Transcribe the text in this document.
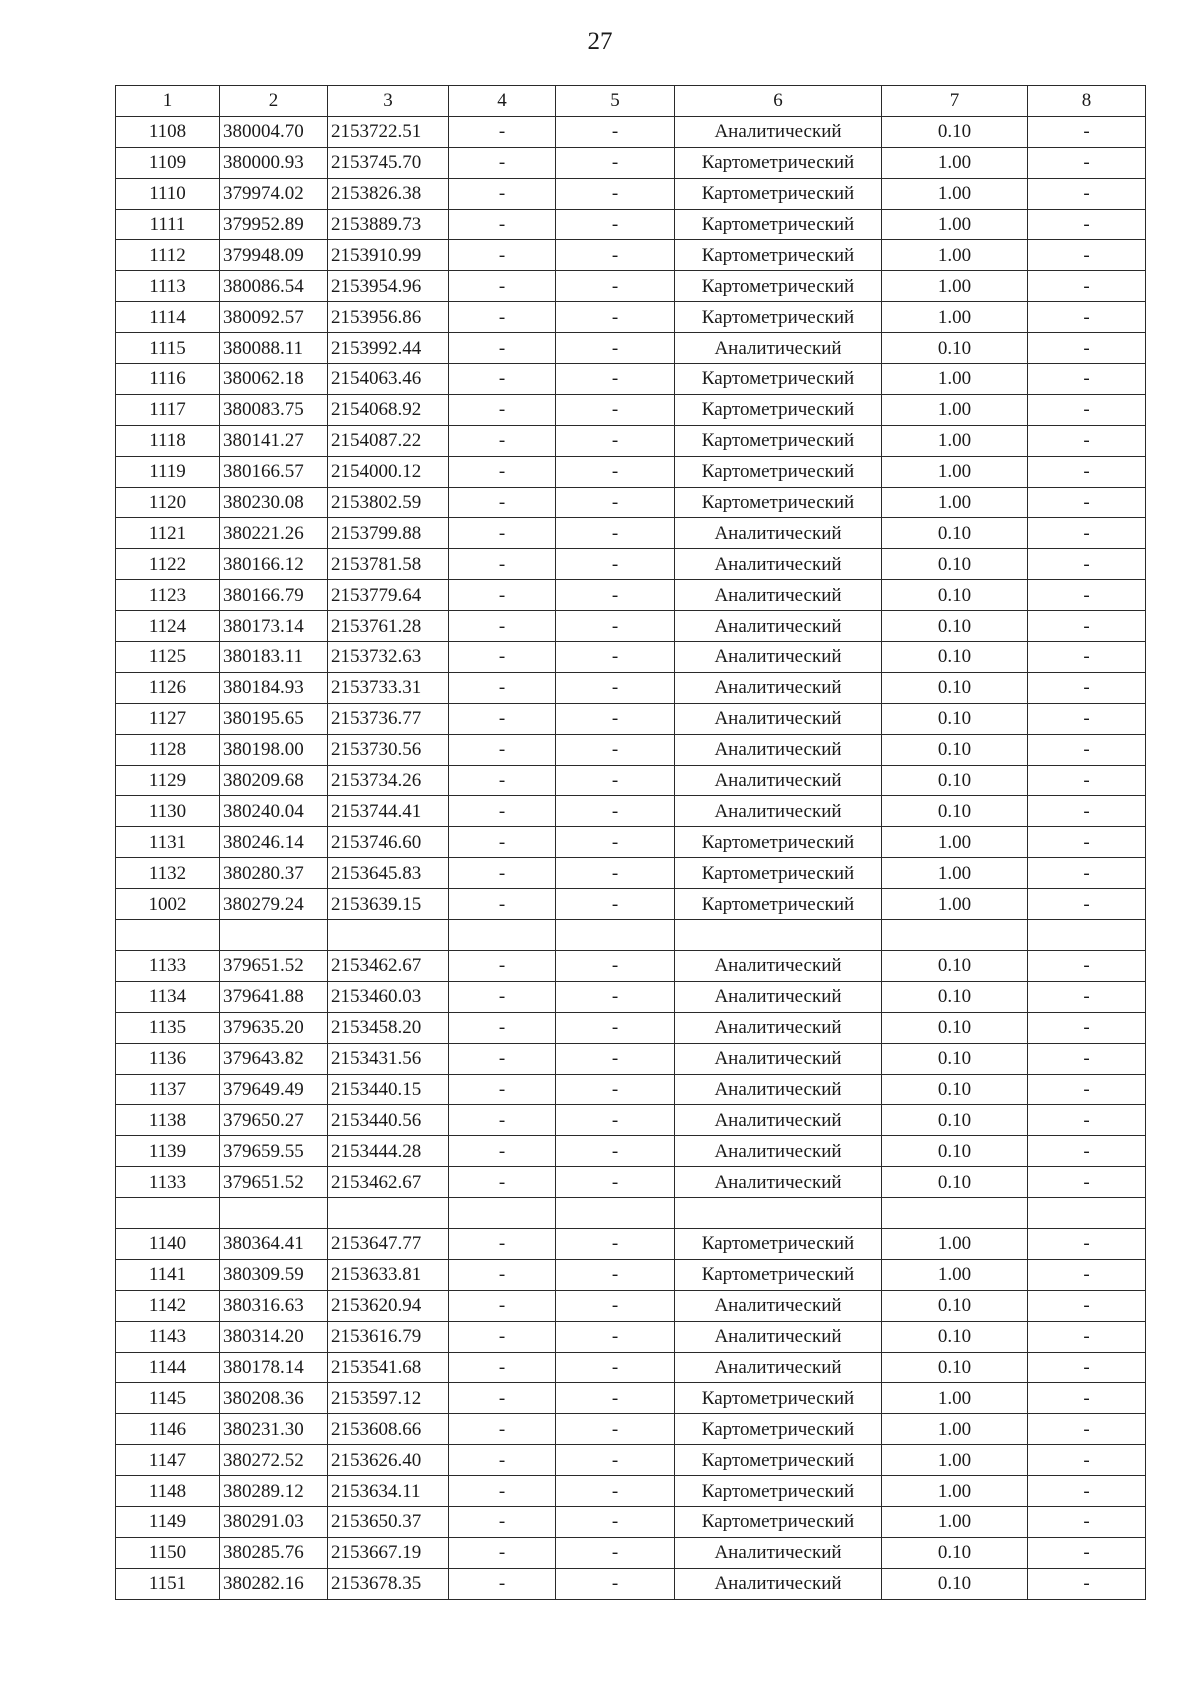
27
1	2	3	4	5	6	7	8
1108	380004.70	2153722.51	-	-	Аналитический	0.10	-
1109	380000.93	2153745.70	-	-	Картометрический	1.00	-
1110	379974.02	2153826.38	-	-	Картометрический	1.00	-
1111	379952.89	2153889.73	-	-	Картометрический	1.00	-
1112	379948.09	2153910.99	-	-	Картометрический	1.00	-
1113	380086.54	2153954.96	-	-	Картометрический	1.00	-
1114	380092.57	2153956.86	-	-	Картометрический	1.00	-
1115	380088.11	2153992.44	-	-	Аналитический	0.10	-
1116	380062.18	2154063.46	-	-	Картометрический	1.00	-
1117	380083.75	2154068.92	-	-	Картометрический	1.00	-
1118	380141.27	2154087.22	-	-	Картометрический	1.00	-
1119	380166.57	2154000.12	-	-	Картометрический	1.00	-
1120	380230.08	2153802.59	-	-	Картометрический	1.00	-
1121	380221.26	2153799.88	-	-	Аналитический	0.10	-
1122	380166.12	2153781.58	-	-	Аналитический	0.10	-
1123	380166.79	2153779.64	-	-	Аналитический	0.10	-
1124	380173.14	2153761.28	-	-	Аналитический	0.10	-
1125	380183.11	2153732.63	-	-	Аналитический	0.10	-
1126	380184.93	2153733.31	-	-	Аналитический	0.10	-
1127	380195.65	2153736.77	-	-	Аналитический	0.10	-
1128	380198.00	2153730.56	-	-	Аналитический	0.10	-
1129	380209.68	2153734.26	-	-	Аналитический	0.10	-
1130	380240.04	2153744.41	-	-	Аналитический	0.10	-
1131	380246.14	2153746.60	-	-	Картометрический	1.00	-
1132	380280.37	2153645.83	-	-	Картометрический	1.00	-
1002	380279.24	2153639.15	-	-	Картометрический	1.00	-

1133	379651.52	2153462.67	-	-	Аналитический	0.10	-
1134	379641.88	2153460.03	-	-	Аналитический	0.10	-
1135	379635.20	2153458.20	-	-	Аналитический	0.10	-
1136	379643.82	2153431.56	-	-	Аналитический	0.10	-
1137	379649.49	2153440.15	-	-	Аналитический	0.10	-
1138	379650.27	2153440.56	-	-	Аналитический	0.10	-
1139	379659.55	2153444.28	-	-	Аналитический	0.10	-
1133	379651.52	2153462.67	-	-	Аналитический	0.10	-

1140	380364.41	2153647.77	-	-	Картометрический	1.00	-
1141	380309.59	2153633.81	-	-	Картометрический	1.00	-
1142	380316.63	2153620.94	-	-	Аналитический	0.10	-
1143	380314.20	2153616.79	-	-	Аналитический	0.10	-
1144	380178.14	2153541.68	-	-	Аналитический	0.10	-
1145	380208.36	2153597.12	-	-	Картометрический	1.00	-
1146	380231.30	2153608.66	-	-	Картометрический	1.00	-
1147	380272.52	2153626.40	-	-	Картометрический	1.00	-
1148	380289.12	2153634.11	-	-	Картометрический	1.00	-
1149	380291.03	2153650.37	-	-	Картометрический	1.00	-
1150	380285.76	2153667.19	-	-	Аналитический	0.10	-
1151	380282.16	2153678.35	-	-	Аналитический	0.10	-
